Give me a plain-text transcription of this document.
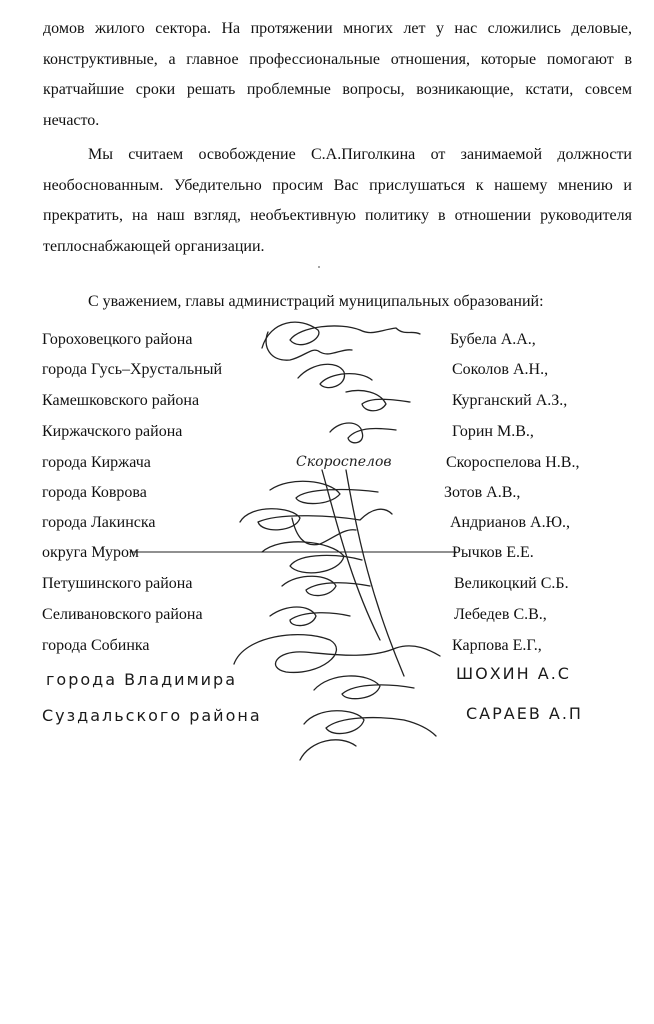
домов жилого сектора. На протяжении многих лет у нас сложились деловые, конструктивные, а главное профессиональные отношения, которые помогают в кратчайшие сроки решать проблемные вопросы, возникающие, кстати, совсем нечасто.

Мы считаем освобождение С.А.Пиголкина от занимаемой должности необоснованным. Убедительно просим Вас прислушаться к нашему мнению и прекратить, на наш взгляд, необъективную политику в отношении руководителя теплоснабжающей организации.

С уважением, главы администраций муниципальных образований:

Гороховецкого района	Бубела А.А.,
города Гусь–Хрустальный	Соколов А.Н.,
Камешковского района	Курганский А.З.,
Киржачского района	Горин М.В.,
города Киржача	Скороспелова Н.В.,
города Коврова	Зотов А.В.,
города Лакинска	Андрианов А.Ю.,
округа Муром	Рычков Е.Е.
Петушинского района	Великоцкий С.Б.
Селивановского района	Лебедев С.В.,
города Собинка	Карпова Е.Г.,
города Владимира	ШОХИН А.С
Суздальского района	САРАЕВ А.П
Скороспелов
